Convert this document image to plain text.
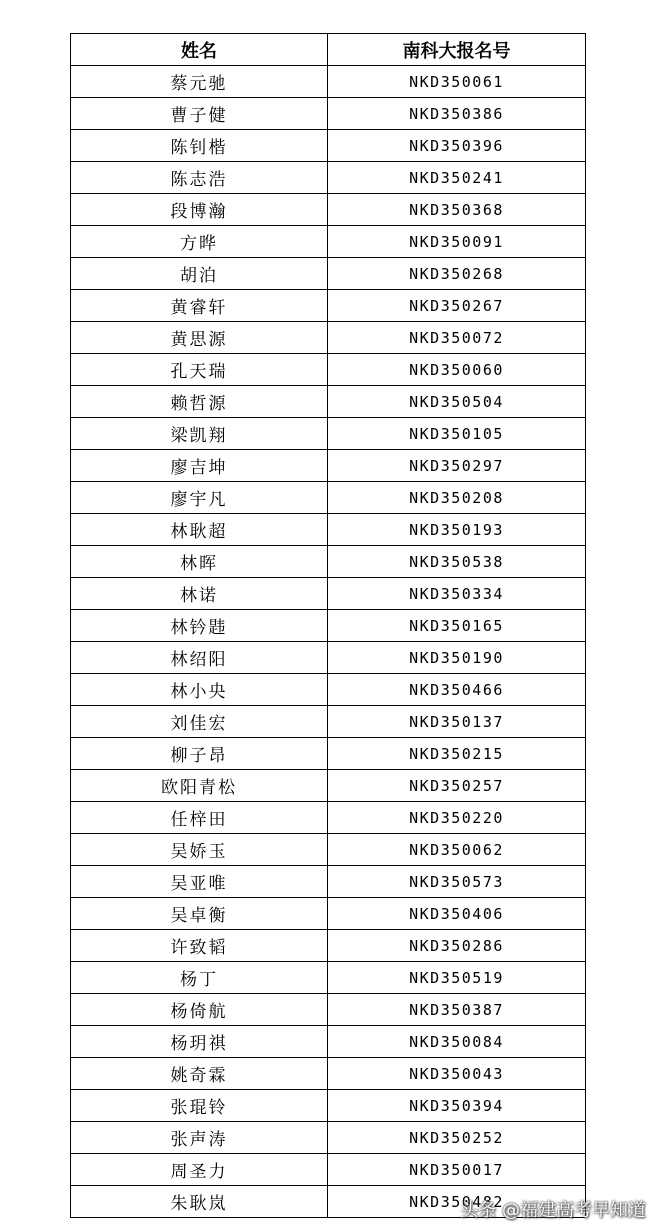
姓名	南科大报名号
蔡元驰	NKD350061
曹子健	NKD350386
陈钊楷	NKD350396
陈志浩	NKD350241
段博瀚	NKD350368
方晔	NKD350091
胡泊	NKD350268
黄睿轩	NKD350267
黄思源	NKD350072
孔天瑞	NKD350060
赖哲源	NKD350504
梁凯翔	NKD350105
廖吉坤	NKD350297
廖宇凡	NKD350208
林耿超	NKD350193
林晖	NKD350538
林诺	NKD350334
林钤韪	NKD350165
林绍阳	NKD350190
林小央	NKD350466
刘佳宏	NKD350137
柳子昂	NKD350215
欧阳青松	NKD350257
任梓田	NKD350220
吴娇玉	NKD350062
吴亚唯	NKD350573
吴卓衡	NKD350406
许致韬	NKD350286
杨丁	NKD350519
杨倚航	NKD350387
杨玥祺	NKD350084
姚奇霖	NKD350043
张琨铃	NKD350394
张声涛	NKD350252
周圣力	NKD350017
朱耿岚	NKD350482
头条 @福建高考早知道
